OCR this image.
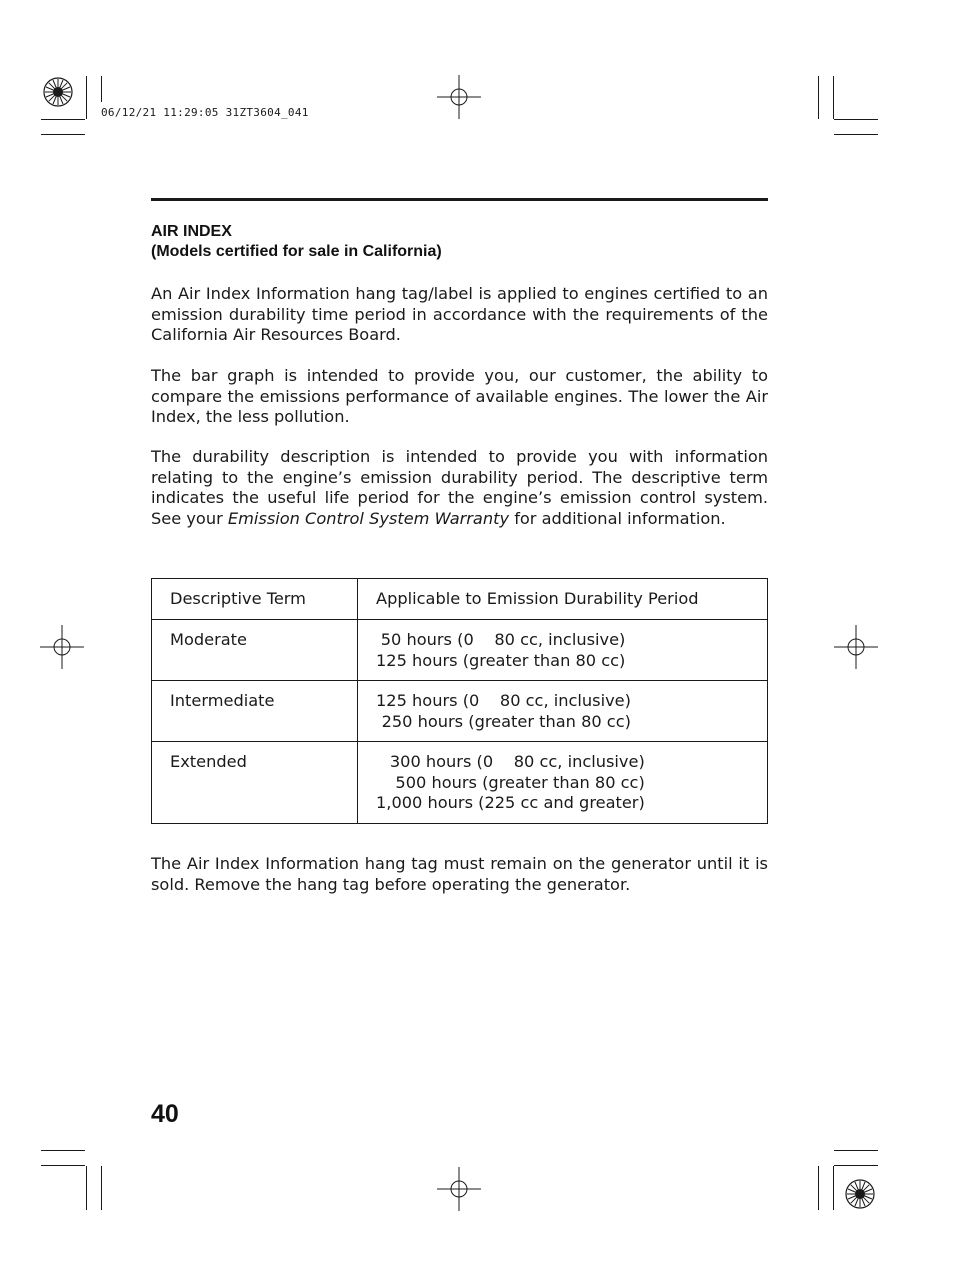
06/12/21 11:29:05 31ZT3604_041
AIR INDEX
(Models certified for sale in California)
An Air Index Information hang tag/label is applied to engines certified to an emission durability time period in accordance with the requirements of the California Air Resources Board.
The bar graph is intended to provide you, our customer, the ability to compare the emissions performance of available engines. The lower the Air Index, the less pollution.
The durability description is intended to provide you with information relating to the engine’s emission durability period. The descriptive term indicates the useful life period for the engine’s emission control system. See your Emission Control System Warranty for additional information.
Descriptive Term	Applicable to Emission Durability Period

Moderate	50 hours (0    80 cc, inclusive)
125 hours (greater than 80 cc)

Intermediate	125 hours (0    80 cc, inclusive)
250 hours (greater than 80 cc)

Extended	300 hours (0    80 cc, inclusive)
500 hours (greater than 80 cc)
1,000 hours (225 cc and greater)
The Air Index Information hang tag must remain on the generator until it is sold. Remove the hang tag before operating the generator.
40
